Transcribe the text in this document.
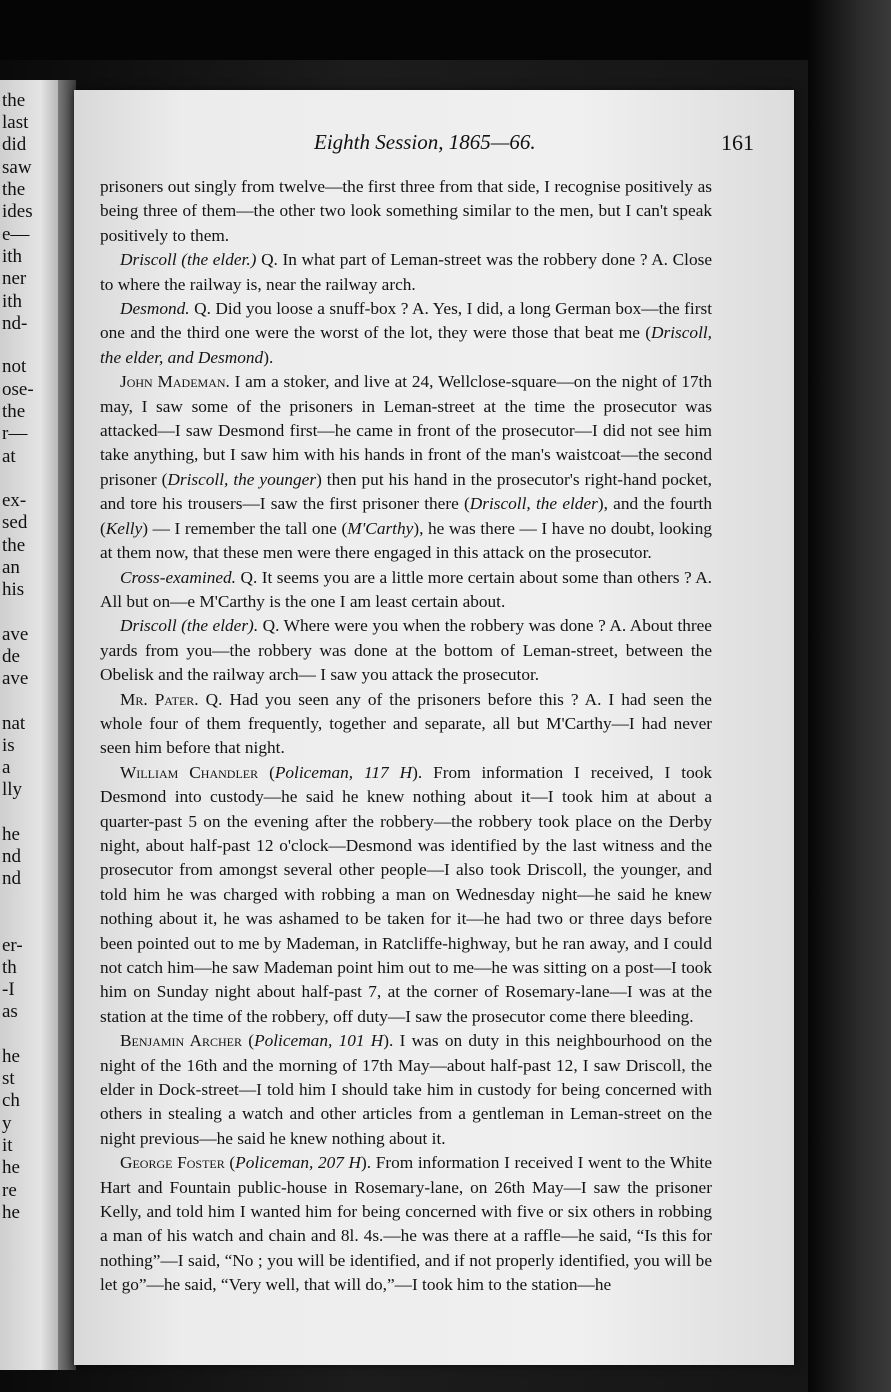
the
last
did
saw
the
ides
e—
ith
ner
ith
nd-
not
ose-
the
r—
at
ex-
sed
the
an
his
ave
de
ave
nat
is
a
lly
he
nd
nd
er-
th
-I
as
he
st
ch
y
it
he
re
he
Eighth Session, 1865—66.	161

prisoners out singly from twelve—the first three from that side, I recognise positively as being three of them—the other two look something similar to the men, but I can't speak positively to them.

Driscoll (the elder.) Q. In what part of Leman-street was the robbery done ? A. Close to where the railway is, near the railway arch.

Desmond. Q. Did you loose a snuff-box ? A. Yes, I did, a long German box—the first one and the third one were the worst of the lot, they were those that beat me (Driscoll, the elder, and Desmond).

John Mademan. I am a stoker, and live at 24, Wellclose-square—on the night of 17th may, I saw some of the prisoners in Leman-street at the time the prosecutor was attacked—I saw Desmond first—he came in front of the prosecutor—I did not see him take anything, but I saw him with his hands in front of the man's waistcoat—the second prisoner (Driscoll, the younger) then put his hand in the prosecutor's right-hand pocket, and tore his trousers—I saw the first prisoner there (Driscoll, the elder), and the fourth (Kelly) — I remember the tall one (M'Carthy), he was there — I have no doubt, looking at them now, that these men were there engaged in this attack on the prosecutor.

Cross-examined. Q. It seems you are a little more certain about some than others ? A. All but on—e M'Carthy is the one I am least certain about.

Driscoll (the elder). Q. Where were you when the robbery was done ? A. About three yards from you—the robbery was done at the bottom of Leman-street, between the Obelisk and the railway arch— I saw you attack the prosecutor.

Mr. Pater. Q. Had you seen any of the prisoners before this ? A. I had seen the whole four of them frequently, together and separate, all but M'Carthy—I had never seen him before that night.

William Chandler (Policeman, 117 H). From information I received, I took Desmond into custody—he said he knew nothing about it—I took him at about a quarter-past 5 on the evening after the robbery—the robbery took place on the Derby night, about half-past 12 o'clock—Desmond was identified by the last witness and the prosecutor from amongst several other people—I also took Driscoll, the younger, and told him he was charged with robbing a man on Wednesday night—he said he knew nothing about it, he was ashamed to be taken for it—he had two or three days before been pointed out to me by Mademan, in Ratcliffe-highway, but he ran away, and I could not catch him—he saw Mademan point him out to me—he was sitting on a post—I took him on Sunday night about half-past 7, at the corner of Rosemary-lane—I was at the station at the time of the robbery, off duty—I saw the prosecutor come there bleeding.

Benjamin Archer (Policeman, 101 H). I was on duty in this neighbourhood on the night of the 16th and the morning of 17th May—about half-past 12, I saw Driscoll, the elder in Dock-street—I told him I should take him in custody for being concerned with others in stealing a watch and other articles from a gentleman in Leman-street on the night previous—he said he knew nothing about it.

George Foster (Policeman, 207 H). From information I received I went to the White Hart and Fountain public-house in Rosemary-lane, on 26th May—I saw the prisoner Kelly, and told him I wanted him for being concerned with five or six others in robbing a man of his watch and chain and 8l. 4s.—he was there at a raffle—he said, “Is this for nothing”—I said, “No ; you will be identified, and if not properly identified, you will be let go”—he said, “Very well, that will do,”—I took him to the station—he
